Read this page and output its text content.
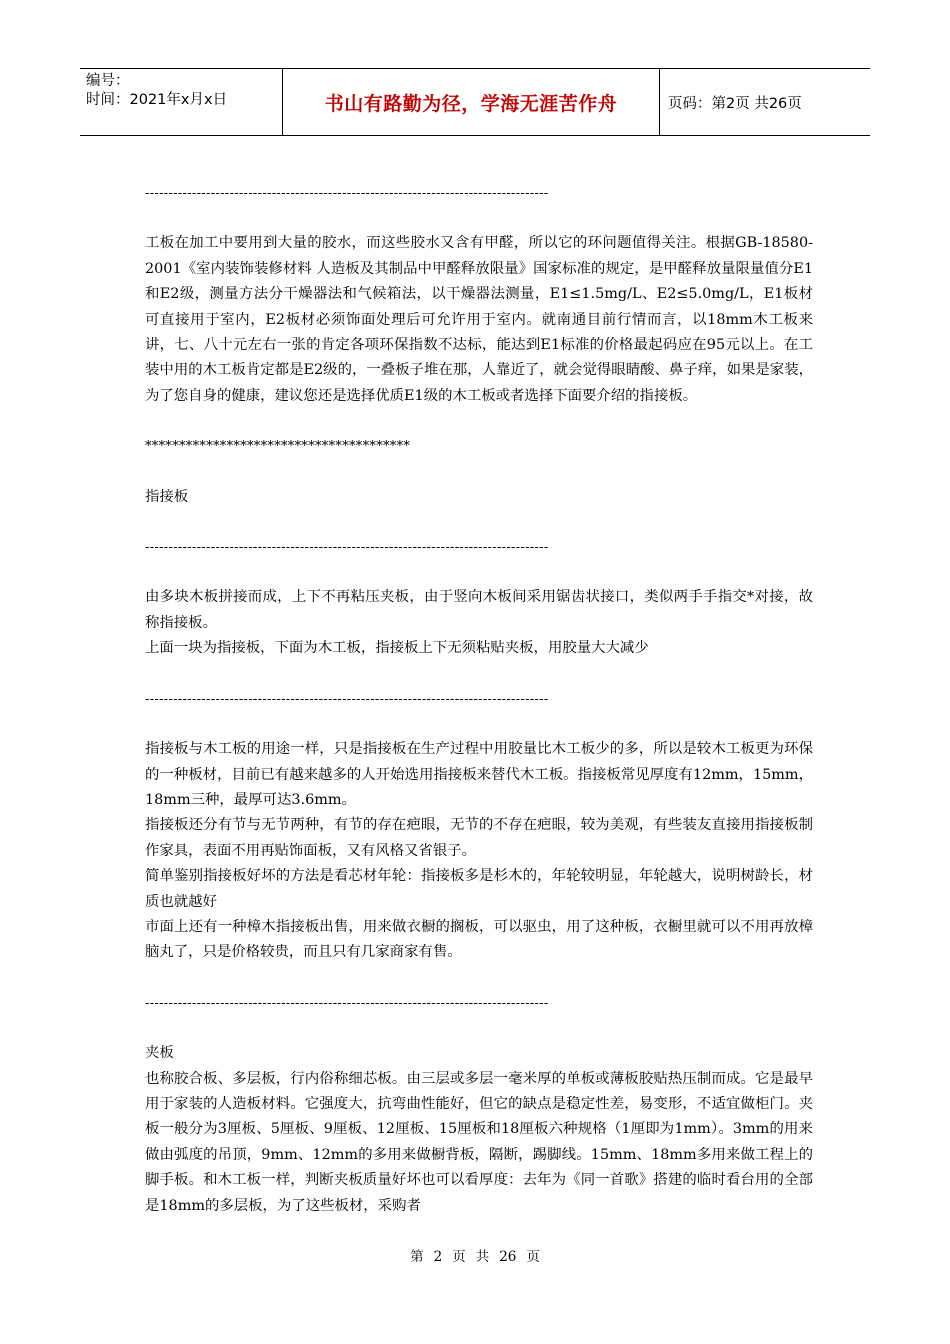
编号：
时间：2021年x月x日	书山有路勤为径，学海无涯苦作舟	页码：第2页 共26页
--------------------------------------------------------------------------------------
工板在加工中要用到大量的胶水，而这些胶水又含有甲醛，所以它的环问题值得关注。根据GB-18580-2001《室内装饰装修材料 人造板及其制品中甲醛释放限量》国家标准的规定，是甲醛释放量限量值分E1和E2级，测量方法分干燥器法和气候箱法，以干燥器法测量，E1≤1.5mg/L、E2≤5.0mg/L，E1板材可直接用于室内，E2板材必须饰面处理后可允许用于室内。就南通目前行情而言，以18mm木工板来讲，七、八十元左右一张的肯定各项环保指数不达标，能达到E1标准的价格最起码应在95元以上。在工装中用的木工板肯定都是E2级的，一叠板子堆在那，人靠近了，就会觉得眼睛酸、鼻子痒，如果是家装，为了您自身的健康，建议您还是选择优质E1级的木工板或者选择下面要介绍的指接板。
***************************************
指接板
--------------------------------------------------------------------------------------
由多块木板拼接而成，上下不再粘压夹板，由于竖向木板间采用锯齿状接口，类似两手手指交*对接，故称指接板。
上面一块为指接板，下面为木工板，指接板上下无须粘贴夹板，用胶量大大减少
--------------------------------------------------------------------------------------
指接板与木工板的用途一样，只是指接板在生产过程中用胶量比木工板少的多，所以是较木工板更为环保的一种板材，目前已有越来越多的人开始选用指接板来替代木工板。指接板常见厚度有12mm，15mm，18mm三种，最厚可达3.6mm。
指接板还分有节与无节两种，有节的存在疤眼，无节的不存在疤眼，较为美观，有些装友直接用指接板制作家具，表面不用再贴饰面板，又有风格又省银子。
简单鉴别指接板好坏的方法是看芯材年轮：指接板多是杉木的，年轮较明显，年轮越大，说明树龄长，材质也就越好
市面上还有一种樟木指接板出售，用来做衣橱的搁板，可以驱虫，用了这种板，衣橱里就可以不用再放樟脑丸了，只是价格较贵，而且只有几家商家有售。
--------------------------------------------------------------------------------------
夹板
也称胶合板、多层板，行内俗称细芯板。由三层或多层一毫米厚的单板或薄板胶贴热压制而成。它是最早用于家装的人造板材料。它强度大，抗弯曲性能好，但它的缺点是稳定性差，易变形，不适宜做柜门。夹板一般分为3厘板、5厘板、9厘板、12厘板、15厘板和18厘板六种规格（1厘即为1mm）。3mm的用来做由弧度的吊顶，9mm、12mm的多用来做橱背板，隔断，踢脚线。15mm、18mm多用来做工程上的脚手板。和木工板一样，判断夹板质量好坏也可以看厚度：去年为《同一首歌》搭建的临时看台用的全部是18mm的多层板，为了这些板材，采购者
第 2 页 共 26 页
